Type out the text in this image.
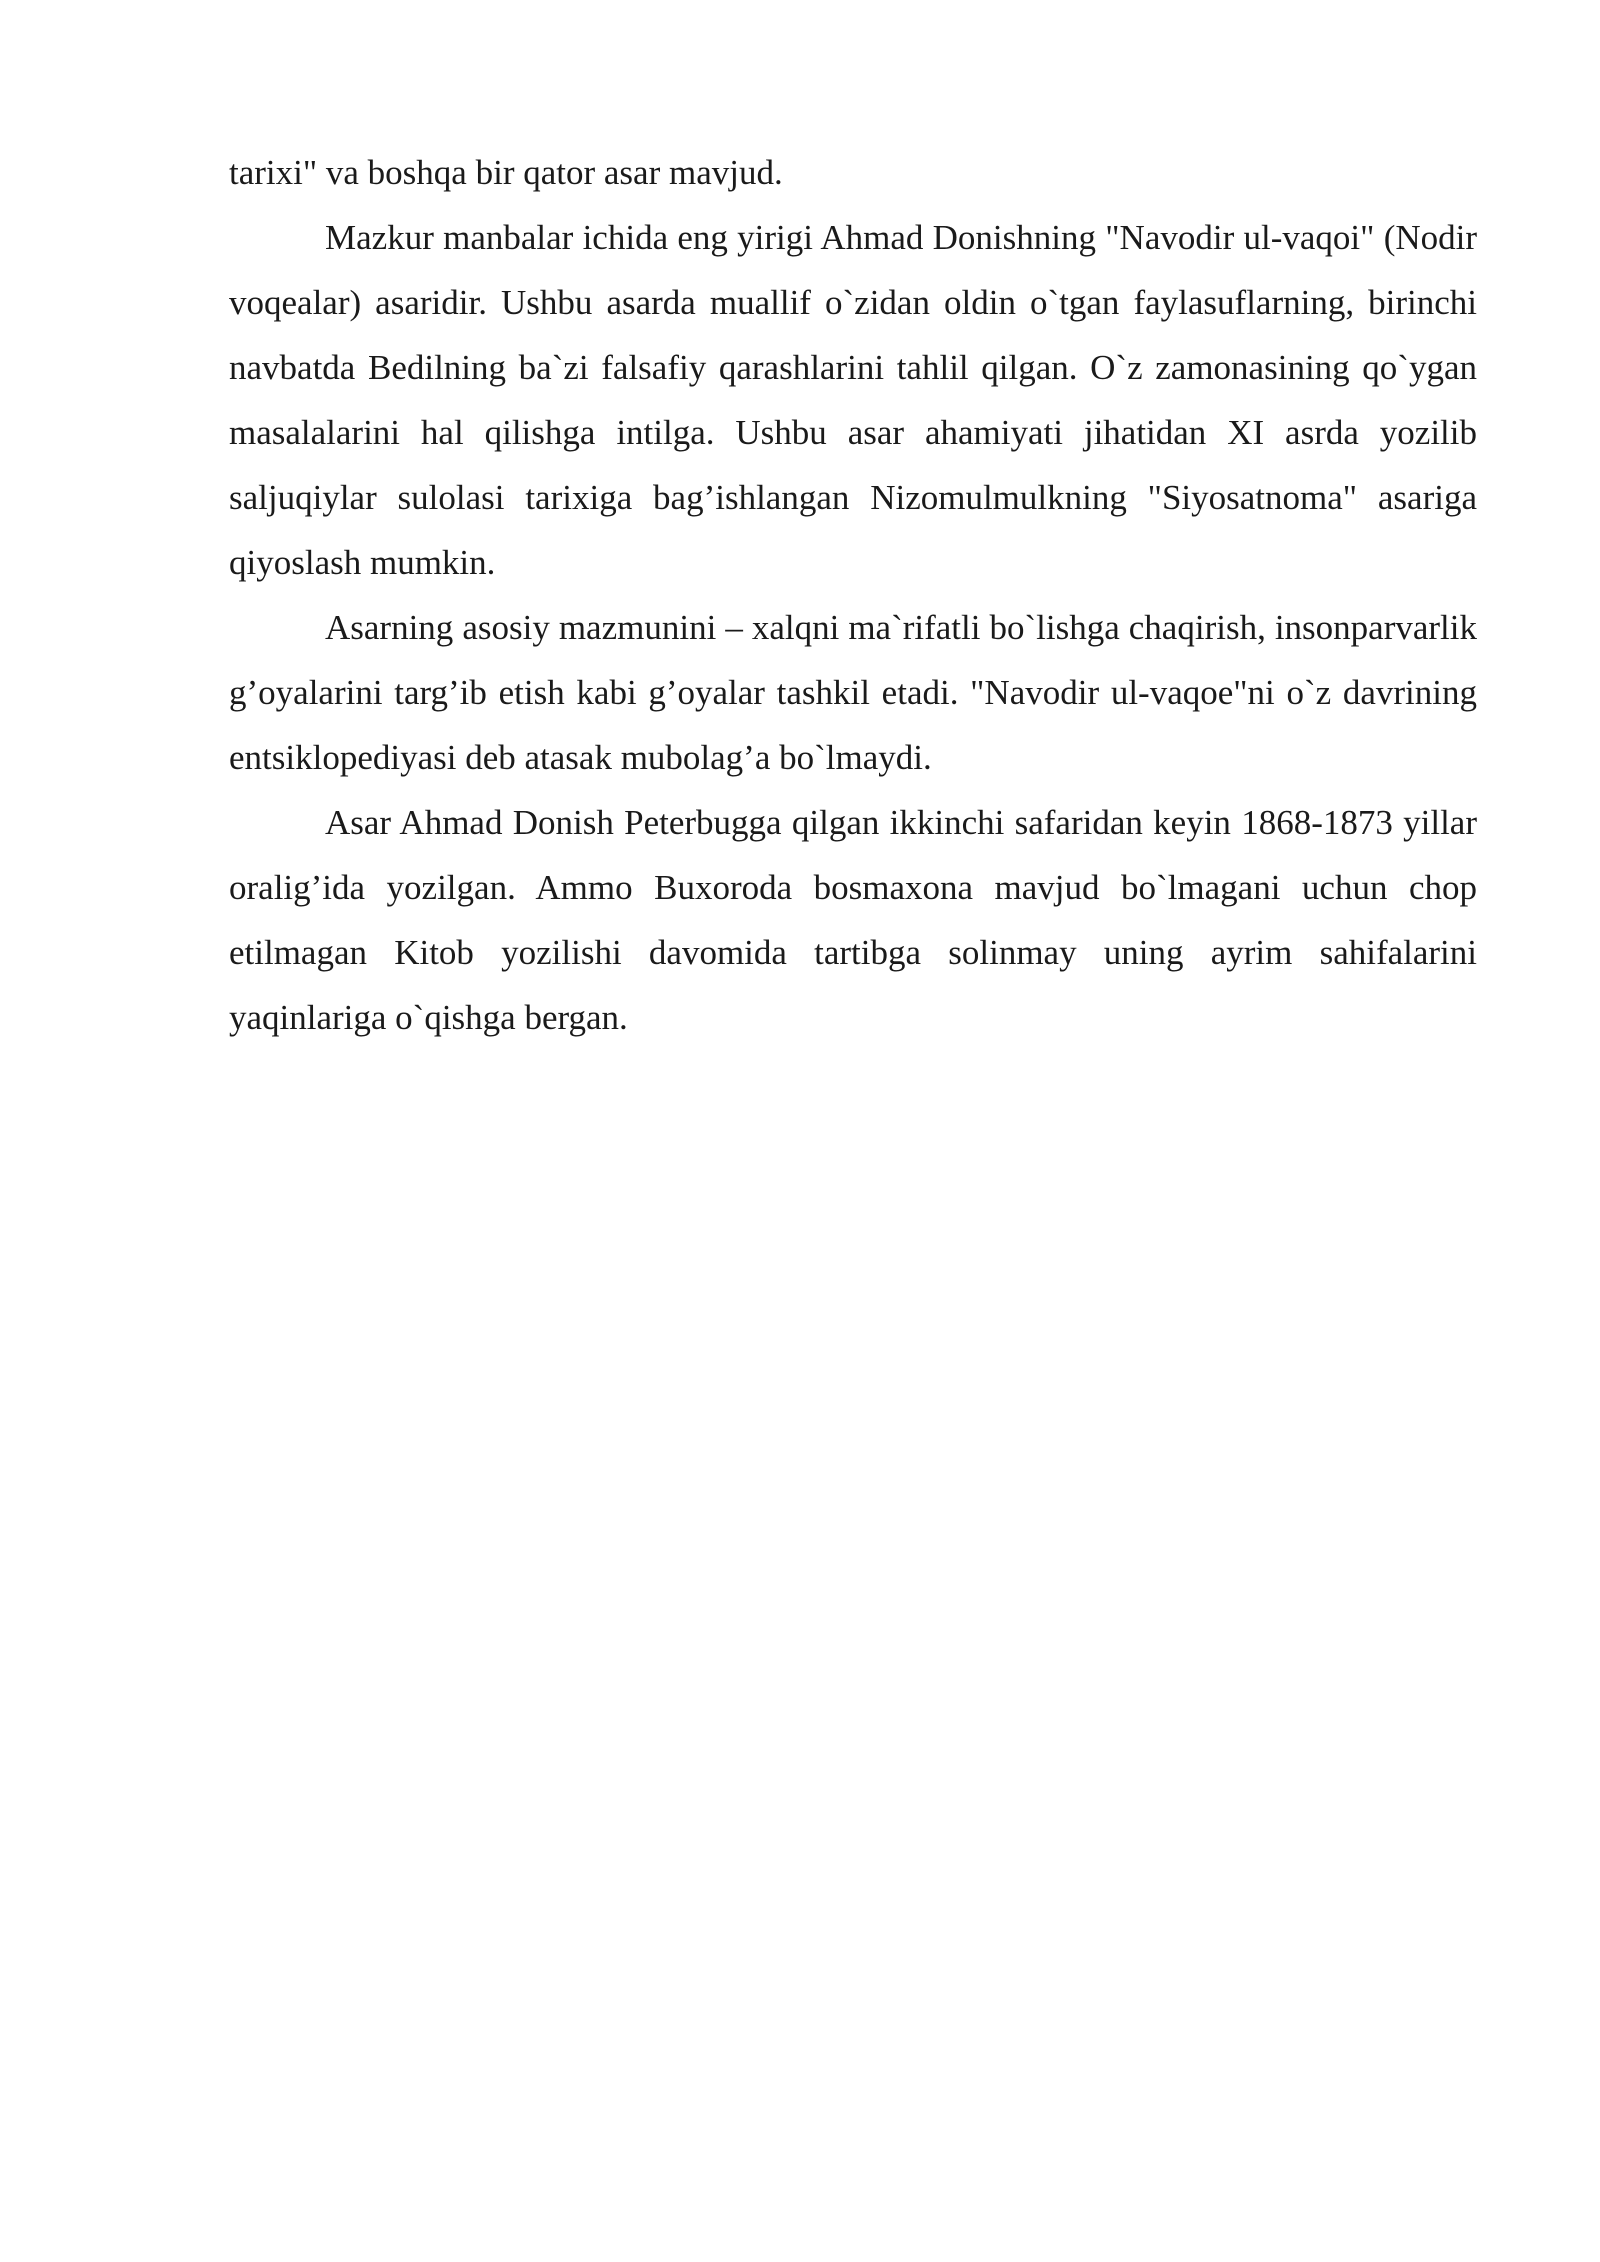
tarixi" va boshqa bir qator asar mavjud.

Mazkur manbalar ichida eng yirigi Ahmad Donishning "Navodir ul-vaqoi" (Nodir voqealar) asaridir. Ushbu asarda muallif o`zidan oldin o`tgan faylasuflarning, birinchi navbatda Bedilning ba`zi falsafiy qarashlarini tahlil qilgan. O`z zamonasining qo`ygan masalalarini hal qilishga intilga. Ushbu asar ahamiyati jihatidan XI asrda yozilib saljuqiylar sulolasi tarixiga bag’ishlangan Nizomulmulkning "Siyosatnoma" asariga qiyoslash mumkin.

Asarning asosiy mazmunini – xalqni ma`rifatli bo`lishga chaqirish, insonparvarlik g’oyalarini targ’ib etish kabi g’oyalar tashkil etadi. "Navodir ul-vaqoe"ni o`z davrining entsiklopediyasi deb atasak mubolag’a bo`lmaydi.

Asar Ahmad Donish Peterbugga qilgan ikkinchi safaridan keyin 1868-1873 yillar oralig’ida yozilgan. Ammo Buxoroda bosmaxona mavjud bo`lmagani uchun chop etilmagan Kitob yozilishi davomida tartibga solinmay uning ayrim sahifalarini yaqinlariga o`qishga bergan.
